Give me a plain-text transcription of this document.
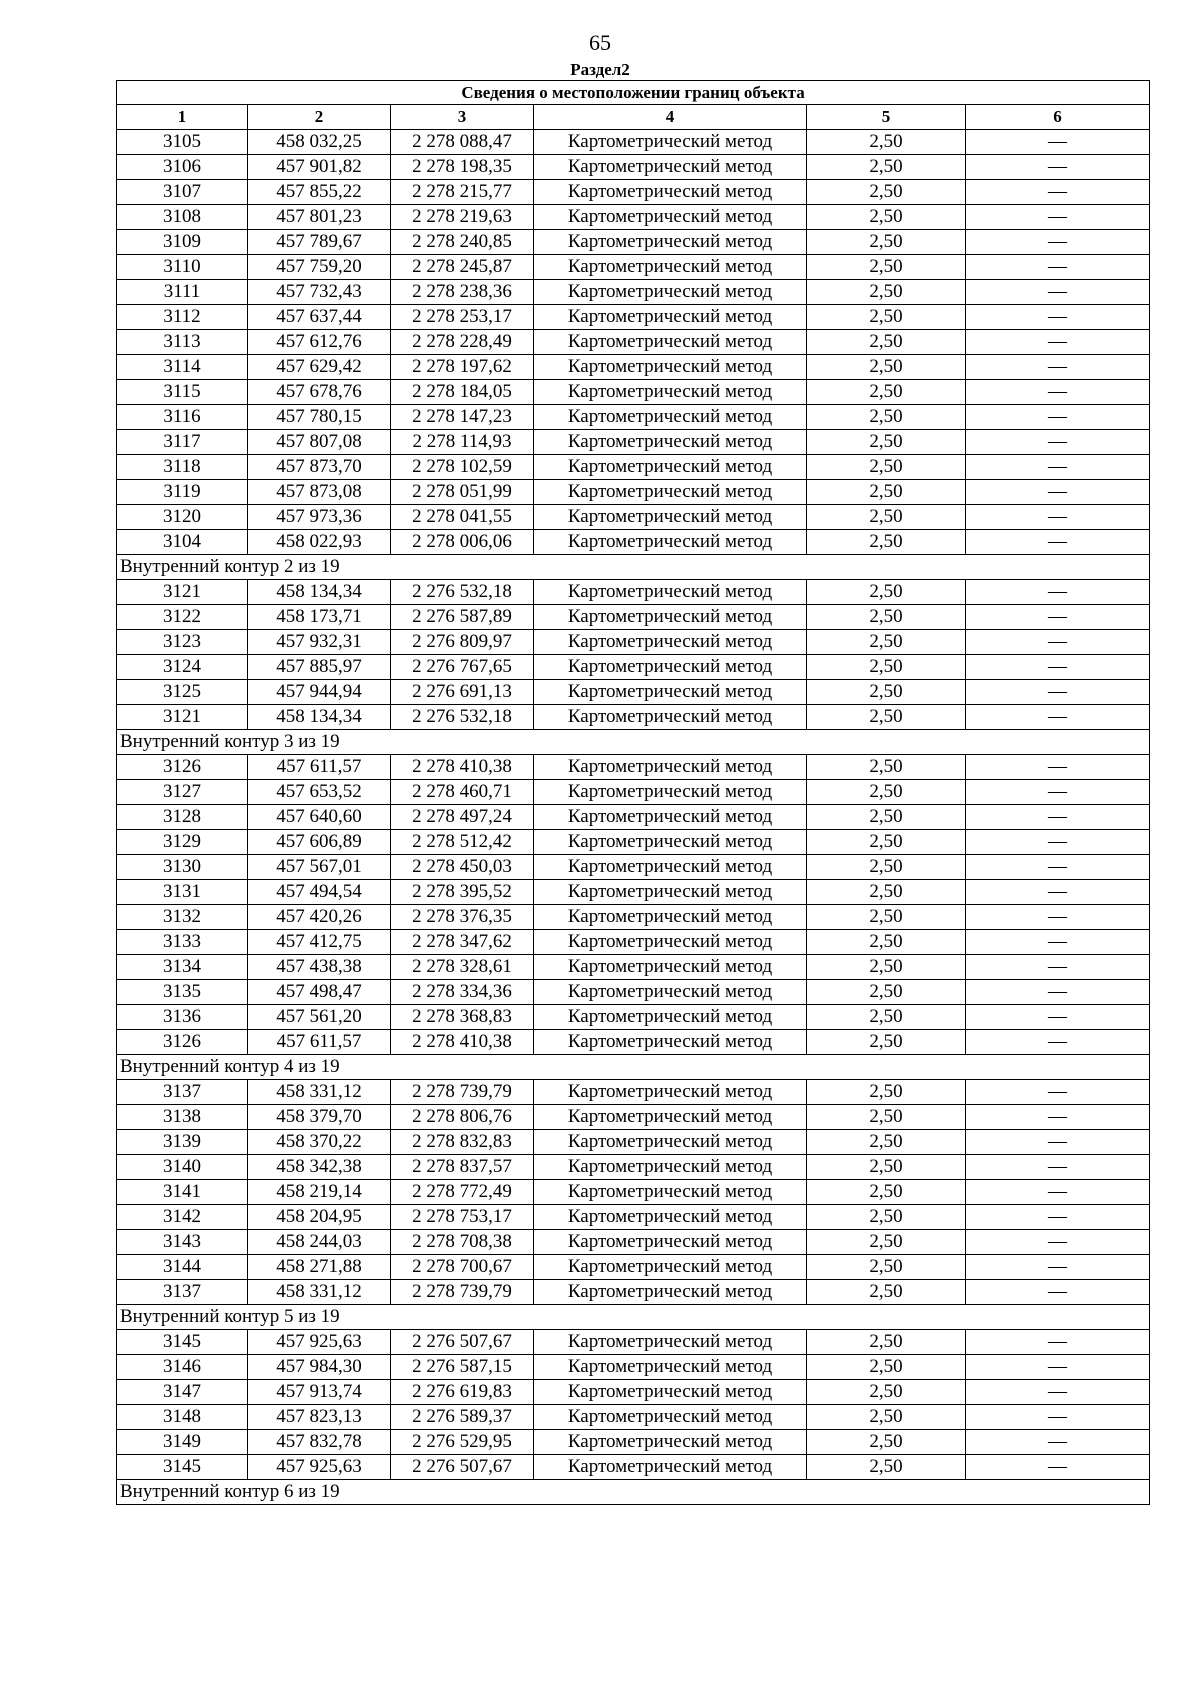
65
Раздел2
Сведения о местоположении границ объекта					
1	2	3	4	5	6
3105	458 032,25	2 278 088,47	Картометрический метод	2,50	—
3106	457 901,82	2 278 198,35	Картометрический метод	2,50	—
3107	457 855,22	2 278 215,77	Картометрический метод	2,50	—
3108	457 801,23	2 278 219,63	Картометрический метод	2,50	—
3109	457 789,67	2 278 240,85	Картометрический метод	2,50	—
3110	457 759,20	2 278 245,87	Картометрический метод	2,50	—
3111	457 732,43	2 278 238,36	Картометрический метод	2,50	—
3112	457 637,44	2 278 253,17	Картометрический метод	2,50	—
3113	457 612,76	2 278 228,49	Картометрический метод	2,50	—
3114	457 629,42	2 278 197,62	Картометрический метод	2,50	—
3115	457 678,76	2 278 184,05	Картометрический метод	2,50	—
3116	457 780,15	2 278 147,23	Картометрический метод	2,50	—
3117	457 807,08	2 278 114,93	Картометрический метод	2,50	—
3118	457 873,70	2 278 102,59	Картометрический метод	2,50	—
3119	457 873,08	2 278 051,99	Картометрический метод	2,50	—
3120	457 973,36	2 278 041,55	Картометрический метод	2,50	—
3104	458 022,93	2 278 006,06	Картометрический метод	2,50	—
Внутренний контур 2 из 19					
3121	458 134,34	2 276 532,18	Картометрический метод	2,50	—
3122	458 173,71	2 276 587,89	Картометрический метод	2,50	—
3123	457 932,31	2 276 809,97	Картометрический метод	2,50	—
3124	457 885,97	2 276 767,65	Картометрический метод	2,50	—
3125	457 944,94	2 276 691,13	Картометрический метод	2,50	—
3121	458 134,34	2 276 532,18	Картометрический метод	2,50	—
Внутренний контур 3 из 19					
3126	457 611,57	2 278 410,38	Картометрический метод	2,50	—
3127	457 653,52	2 278 460,71	Картометрический метод	2,50	—
3128	457 640,60	2 278 497,24	Картометрический метод	2,50	—
3129	457 606,89	2 278 512,42	Картометрический метод	2,50	—
3130	457 567,01	2 278 450,03	Картометрический метод	2,50	—
3131	457 494,54	2 278 395,52	Картометрический метод	2,50	—
3132	457 420,26	2 278 376,35	Картометрический метод	2,50	—
3133	457 412,75	2 278 347,62	Картометрический метод	2,50	—
3134	457 438,38	2 278 328,61	Картометрический метод	2,50	—
3135	457 498,47	2 278 334,36	Картометрический метод	2,50	—
3136	457 561,20	2 278 368,83	Картометрический метод	2,50	—
3126	457 611,57	2 278 410,38	Картометрический метод	2,50	—
Внутренний контур 4 из 19					
3137	458 331,12	2 278 739,79	Картометрический метод	2,50	—
3138	458 379,70	2 278 806,76	Картометрический метод	2,50	—
3139	458 370,22	2 278 832,83	Картометрический метод	2,50	—
3140	458 342,38	2 278 837,57	Картометрический метод	2,50	—
3141	458 219,14	2 278 772,49	Картометрический метод	2,50	—
3142	458 204,95	2 278 753,17	Картометрический метод	2,50	—
3143	458 244,03	2 278 708,38	Картометрический метод	2,50	—
3144	458 271,88	2 278 700,67	Картометрический метод	2,50	—
3137	458 331,12	2 278 739,79	Картометрический метод	2,50	—
Внутренний контур 5 из 19					
3145	457 925,63	2 276 507,67	Картометрический метод	2,50	—
3146	457 984,30	2 276 587,15	Картометрический метод	2,50	—
3147	457 913,74	2 276 619,83	Картометрический метод	2,50	—
3148	457 823,13	2 276 589,37	Картометрический метод	2,50	—
3149	457 832,78	2 276 529,95	Картометрический метод	2,50	—
3145	457 925,63	2 276 507,67	Картометрический метод	2,50	—
Внутренний контур 6 из 19					
